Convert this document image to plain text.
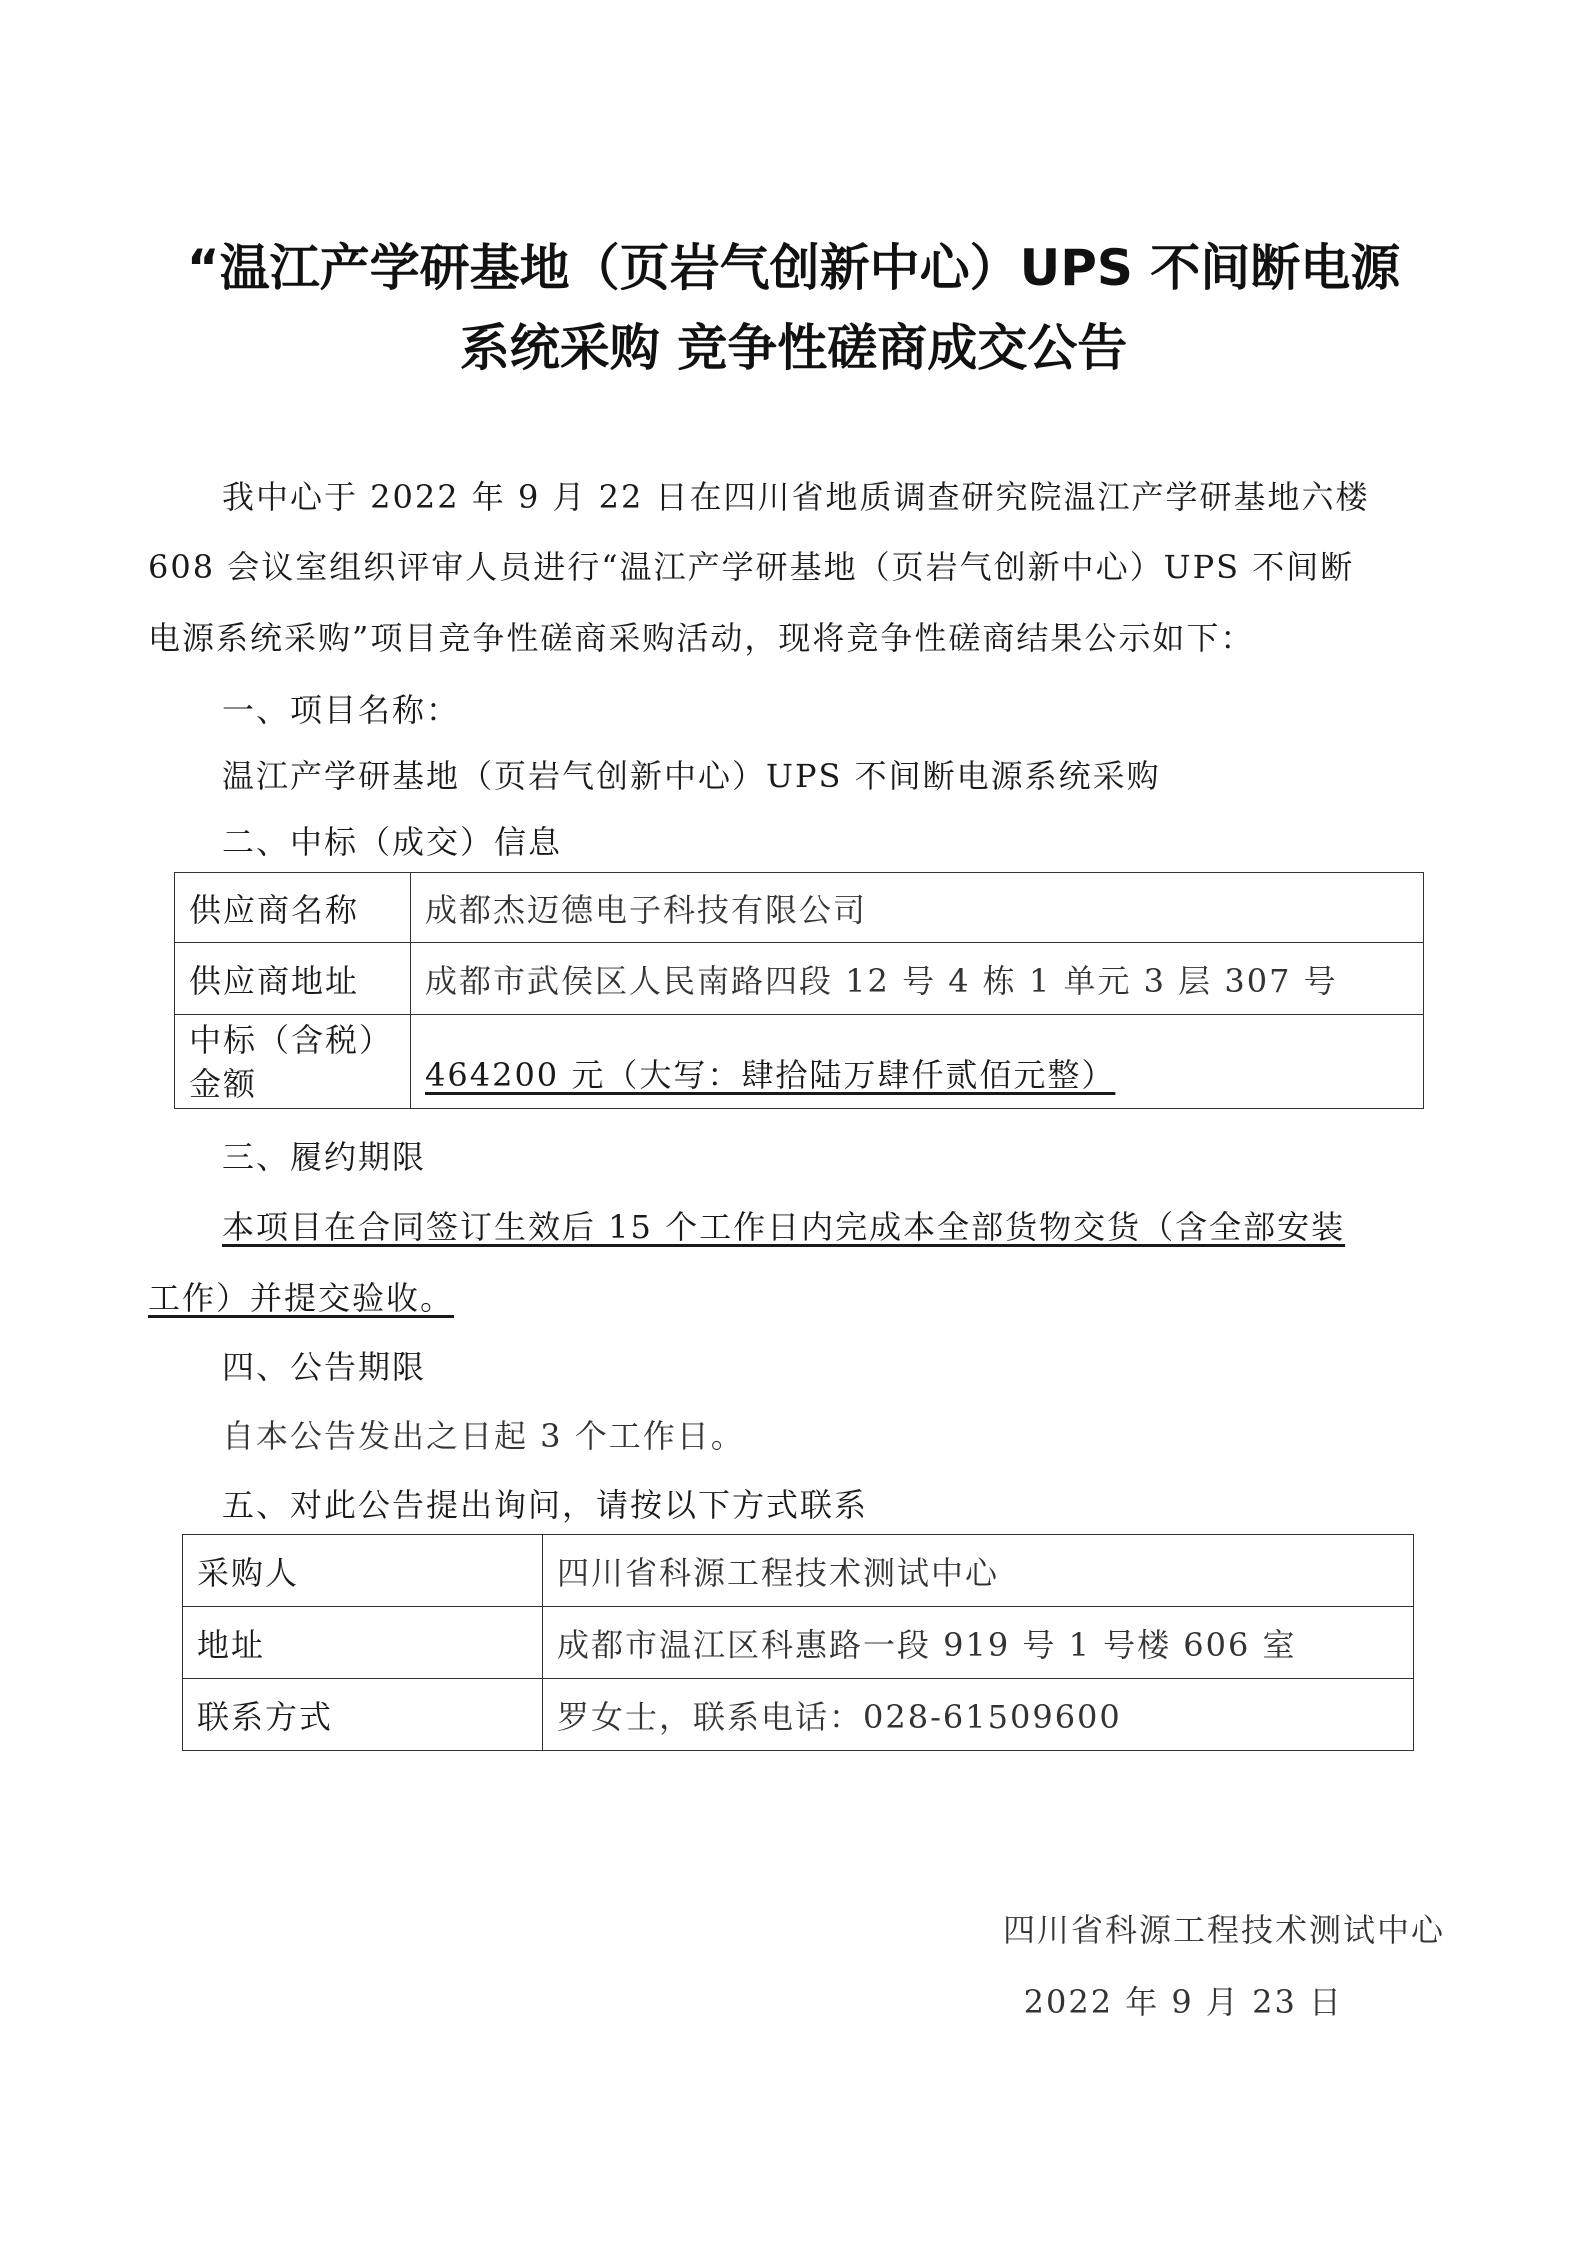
“温江产学研基地（页岩气创新中心）UPS 不间断电源
系统采购 竞争性磋商成交公告
我中心于 2022 年 9 月 22 日在四川省地质调查研究院温江产学研基地六楼
608 会议室组织评审人员进行“温江产学研基地（页岩气创新中心）UPS 不间断
电源系统采购”项目竞争性磋商采购活动，现将竞争性磋商结果公示如下：
一、项目名称：
温江产学研基地（页岩气创新中心）UPS 不间断电源系统采购
二、中标（成交）信息
供应商名称	成都杰迈德电子科技有限公司
供应商地址	成都市武侯区人民南路四段 12 号 4 栋 1 单元 3 层 307 号

中标（含税）
金额	464200 元（大写：肆拾陆万肆仟贰佰元整）
三、履约期限
本项目在合同签订生效后 15 个工作日内完成本全部货物交货（含全部安装
工作）并提交验收。
四、公告期限
自本公告发出之日起 3 个工作日。
五、对此公告提出询问，请按以下方式联系
采购人	四川省科源工程技术测试中心
地址	成都市温江区科惠路一段 919 号 1 号楼 606 室
联系方式	罗女士，联系电话：028-61509600
四川省科源工程技术测试中心
2022 年 9 月 23 日
